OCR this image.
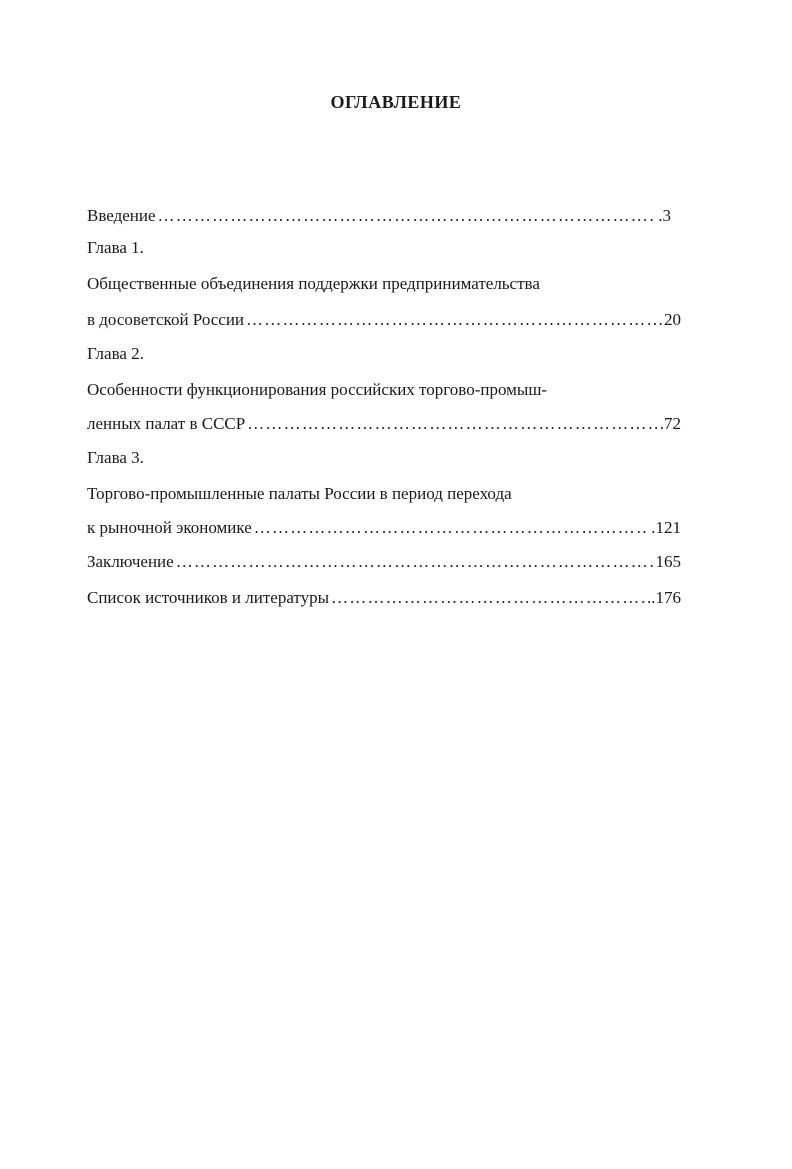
ОГЛАВЛЕНИЕ
Введение ………………………………………………………………………………………………………………………………………………	.3
Глава 1.
Общественные объединения поддержки предпринимательства
в досоветской России ………………………………………………………………………………………………………………………………………………	20
Глава 2.
Особенности функционирования российских торгово-промыш-
ленных палат в СССР ………………………………………………………………………………………………………………………………………………	.72
Глава 3.
Торгово-промышленные палаты России в период перехода
к рыночной экономике ………………………………………………………………………………………………………………………………………………	.121
Заключение ………………………………………………………………………………………………………………………………………………	165
Список источников и литературы ………………………………………………………………………………………………………………………………………………	..176
